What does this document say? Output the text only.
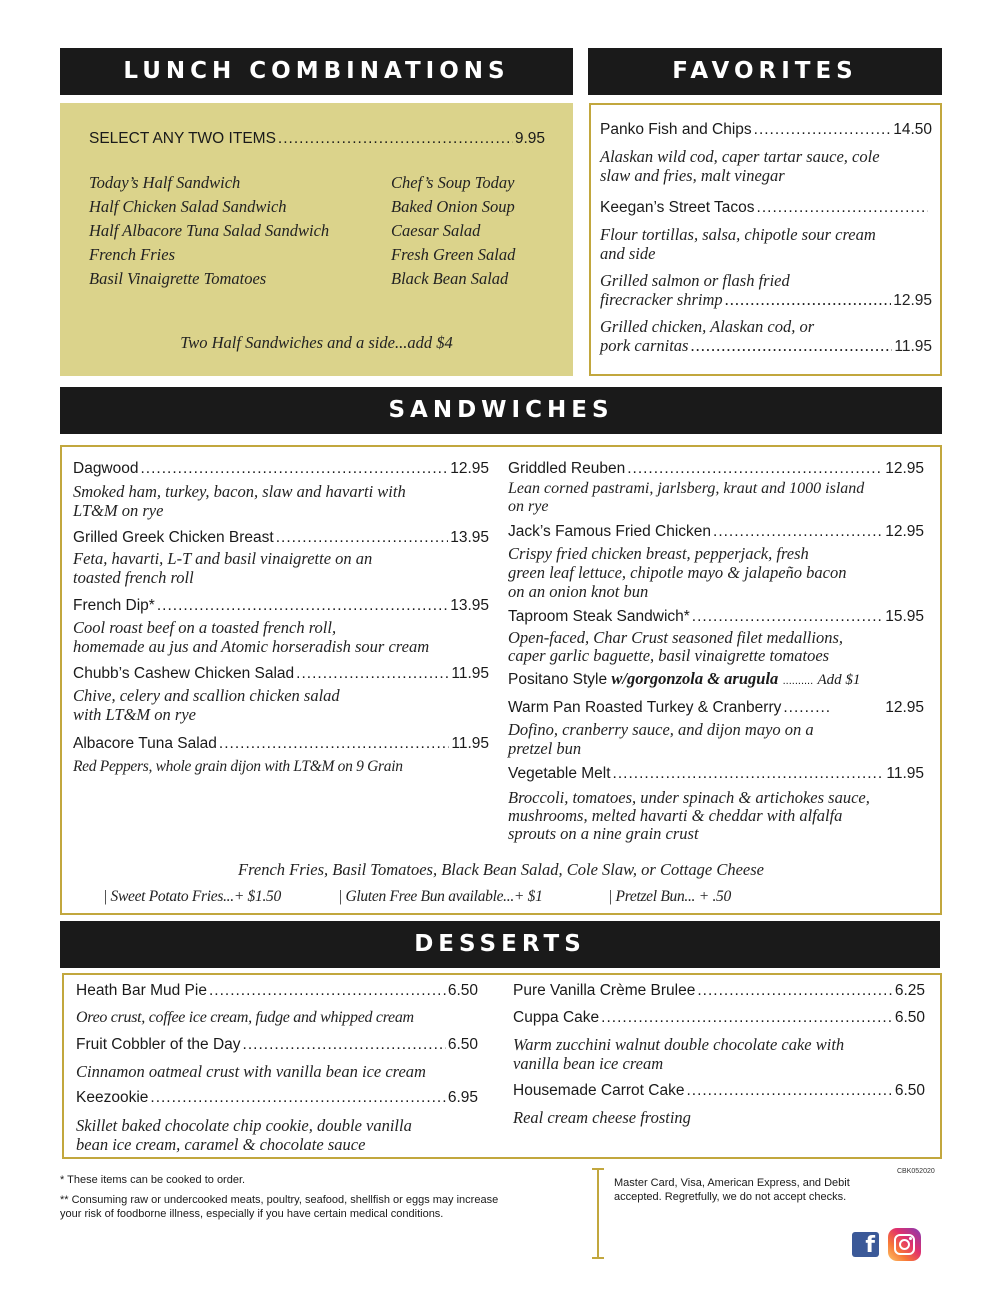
LUNCH COMBINATIONS
SELECT ANY TWO ITEMS .....	9.95
Today’s Half Sandwich
Half Chicken Salad Sandwich
Half Albacore Tuna Salad Sandwich
French Fries
Basil Vinaigrette Tomatoes
Chef’s Soup Today
Baked Onion Soup
Caesar Salad
Fresh Green Salad
Black Bean Salad
Two Half Sandwiches and a side...add $4
FAVORITES
Panko Fish and Chips .....	14.50
Alaskan wild cod, caper tartar sauce, cole
slaw and fries, malt vinegar
Keegan’s Street Tacos
.....
Flour tortillas, salsa, chipotle sour cream
and side
Grilled salmon or flash fried
firecracker shrimp .....	12.95
Grilled chicken, Alaskan cod, or
pork carnitas .....	11.95
SANDWICHES
Dagwood .....	12.95
Smoked ham, turkey, bacon, slaw and havarti with
LT&M on rye
Grilled Greek Chicken Breast .....	13.95
Feta, havarti, L-T and basil vinaigrette on an
toasted french roll
French Dip* .....	13.95
Cool roast beef on a toasted french roll,
homemade au jus and Atomic horseradish sour cream
Chubb’s Cashew Chicken Salad .....	11.95
Chive, celery and scallion chicken salad
with LT&M on rye
Albacore Tuna Salad .....	11.95
Red Peppers, whole grain dijon with LT&M on 9 Grain
Griddled Reuben .....	12.95
Lean corned pastrami, jarlsberg, kraut and 1000 island
on rye
Jack’s Famous Fried Chicken .....	12.95
Crispy fried chicken breast, pepperjack, fresh
green leaf lettuce, chipotle mayo & jalapeño bacon
on an onion knot bun
Taproom Steak Sandwich* .....	15.95
Open-faced, Char Crust seasoned filet medallions,
caper garlic baguette, basil vinaigrette tomatoes
Positano Style w/gorgonzola & arugula .......... Add $1
Warm Pan Roasted Turkey & Cranberry .....	12.95
Dofino, cranberry sauce, and dijon mayo on a
pretzel bun
Vegetable Melt .....	11.95
Broccoli, tomatoes, under spinach & artichokes sauce,
mushrooms, melted havarti & cheddar with alfalfa
sprouts on a nine grain crust
French Fries, Basil Tomatoes, Black Bean Salad, Cole Slaw, or Cottage Cheese
| Sweet Potato Fries...+ $1.50	| Gluten Free Bun available...+ $1	| Pretzel Bun... + .50
DESSERTS
Heath Bar Mud Pie .....	6.50
Oreo crust, coffee ice cream, fudge and whipped cream
Fruit Cobbler of the Day .....	6.50
Cinnamon oatmeal crust with vanilla bean ice cream
Keezookie .....	6.95
Skillet baked chocolate chip cookie, double vanilla
bean ice cream, caramel & chocolate sauce
Pure Vanilla Crème Brulee .....	6.25
Cuppa Cake .....	6.50
Warm zucchini walnut double chocolate cake with
vanilla bean ice cream
Housemade Carrot Cake .....	6.50
Real cream cheese frosting
* These items can be cooked to order.
** Consuming raw or undercooked meats, poultry, seafood, shellfish or eggs may increase
your risk of foodborne illness, especially if you have certain medical conditions.
CBK052020
Master Card, Visa, American Express, and Debit
accepted. Regretfully, we do not accept checks.
f
